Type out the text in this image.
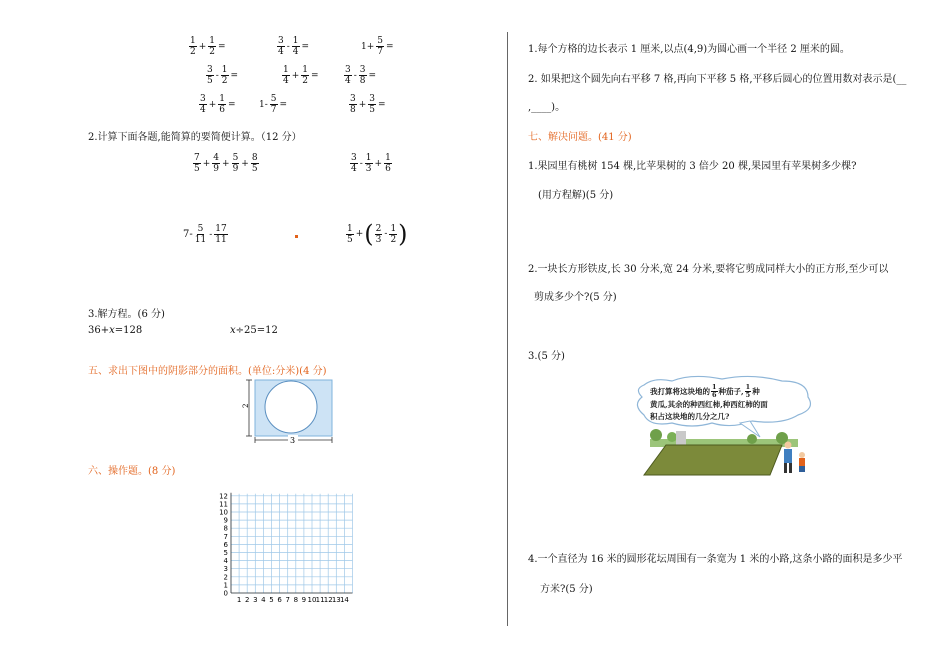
$\frac{1}{2} + \frac{1}{2}$ =	$\frac{3}{4} - \frac{1}{4}$ =	$1+ \frac{5}{7}$ =
$\frac{3}{5} - \frac{1}{2}$ =	$\frac{1}{4} + \frac{1}{2}$ =	$\frac{3}{4} - \frac{3}{8}$ =
$\frac{3}{4} + \frac{1}{6}$ =	$1- \frac{5}{7}$ =	$\frac{3}{8} + \frac{3}{5}$ =
2.计算下面各题,能简算的要简便计算。（12 分）
$\frac{7}{5} + \frac{4}{9} + \frac{5}{9} + \frac{8}{5}$	$\frac{3}{4} - \frac{1}{3} + \frac{1}{6}$
$7- \frac{5}{11} - \frac{17}{11}$	$\frac{1}{5}$ + ( $\frac{2}{3} - \frac{1}{2}$ )
3.解方程。(6 分)
36+x=128	x÷25=12
五、求出下图中的阴影部分的面积。(单位:分米)(4 分)
2
3
六、操作题。(8 分)
12
11
10
9
8
7
6
5
4
3
2
1
0
1 2 3 4 5 6 7 8 9 10 11 12 13 14
1.每个方格的边长表示 1 厘米,以点(4,9)为圆心画一个半径 2 厘米的圆。
2. 如果把这个圆先向右平移 7 格,再向下平移 5 格,平移后圆心的位置用数对表示是(__
,____)。
七、解决问题。(41 分)
1.果园里有桃树 154 棵,比苹果树的 3 倍少 20 棵,果园里有苹果树多少棵?
(用方程解)(5 分)
2.一块长方形铁皮,长 30 分米,宽 24 分米,要将它剪成同样大小的正方形,至少可以
剪成多少个?(5 分)
3.(5 分)
我打算将这块地的 $\frac{1}{6}$ 种茄子, $\frac{1}{5}$ 种
黄瓜,其余的种西红柿,种西红柿的面
积占这块地的几分之几?
4.一个直径为 16 米的圆形花坛周围有一条宽为 1 米的小路,这条小路的面积是多少平
方米?(5 分)
